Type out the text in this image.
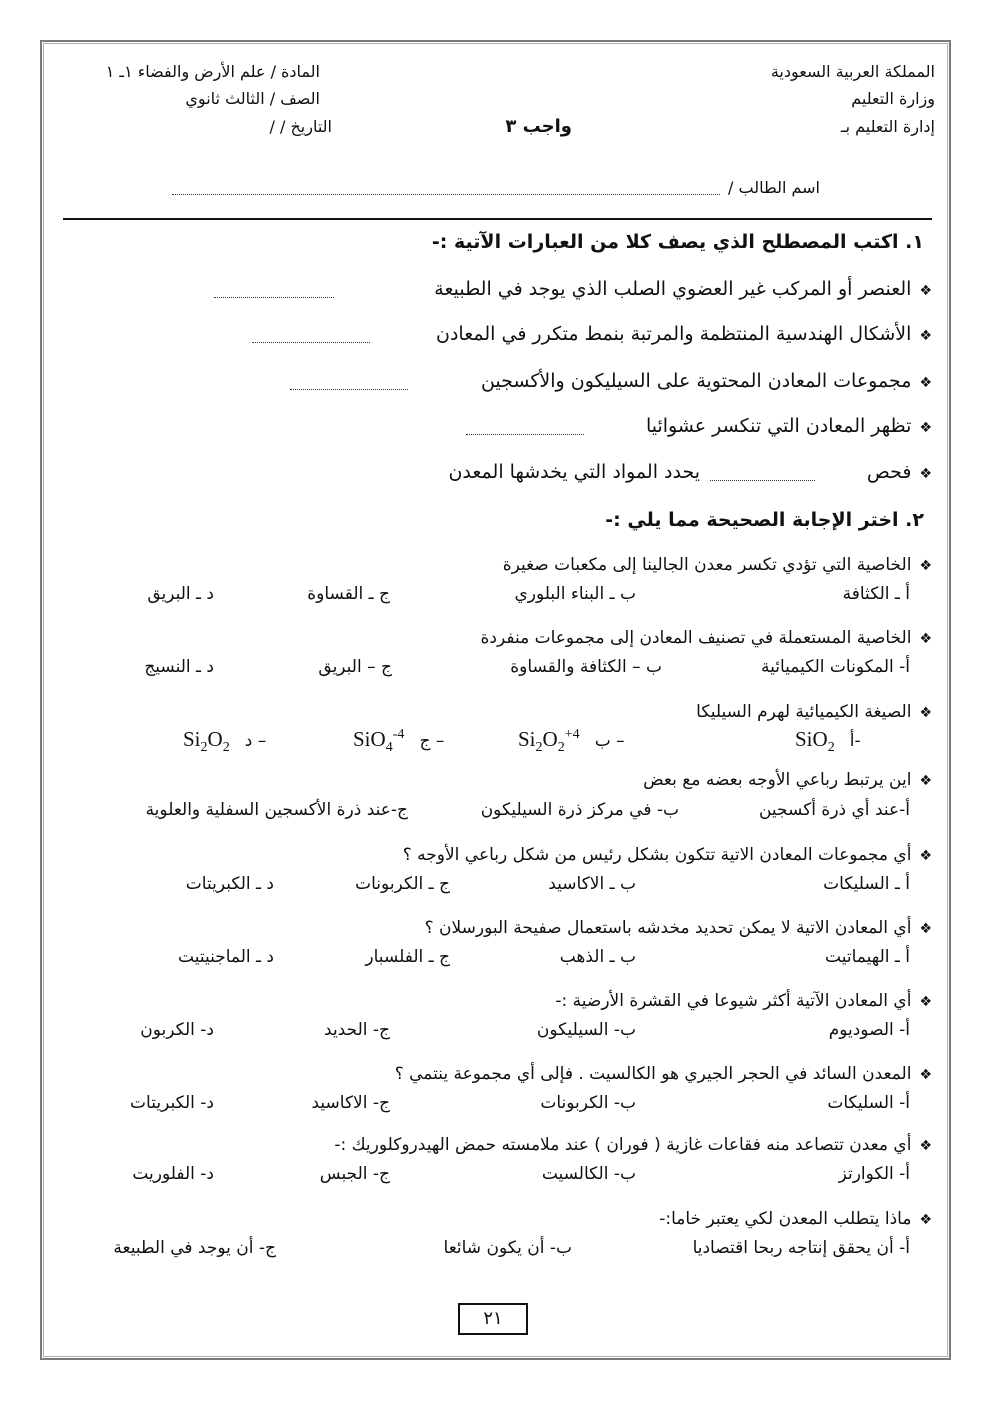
المملكة العربية السعودية
وزارة التعليم
إدارة التعليم بـ
المادة / علم الأرض والفضاء ١ـ ١
الصف / الثالث ثانوي
التاريخ / /	واجب ٣
اسم الطالب /
١. اكتب المصطلح الذي يصف كلا من العبارات الآتية :-
❖العنصر أو المركب غير العضوي الصلب الذي يوجد في الطبيعة
❖الأشكال الهندسية المنتظمة والمرتبة بنمط متكرر في المعادن
❖مجموعات المعادن المحتوية على السيليكون والأكسجين
❖تظهر المعادن التي تنكسر عشوائيا
❖فحص
يحدد المواد التي يخدشها المعدن
٢. اختر الإجابة الصحيحة مما يلي :-
❖الخاصية التي تؤدي تكسر معدن الجالينا إلى مكعبات صغيرة
أ ـ الكثافة
ب ـ البناء البلوري
ج ـ القساوة
د ـ البريق
❖الخاصية المستعملة في تصنيف المعادن إلى مجموعات منفردة
أ- المكونات الكيميائية
ب – الكثافة والقساوة
ج – البريق
د ـ النسيج
❖الصيغة الكيميائية لهرم السيليكا
SiO$_2$ أ-
$Si_2O_2^{+4}$ ب –
SiO$_4^{-4}$ ج –
$Si_2O_2$ د –
❖اين يرتبط رباعي الأوجه بعضه مع بعض
أ-عند أي ذرة أكسجين
ب- في مركز ذرة السيليكون
ج-عند ذرة الأكسجين السفلية والعلوية
❖أي مجموعات المعادن الاتية تتكون بشكل رئيس من شكل رباعي الأوجه ؟
أ ـ السليكات
ب ـ الاكاسيد
ج ـ الكربونات
د ـ الكبريتات
❖أي المعادن الاتية لا يمكن تحديد مخدشه باستعمال صفيحة البورسلان ؟
أ ـ الهيماتيت
ب ـ الذهب
ج ـ الفلسبار
د ـ الماجنيتيت
❖أي المعادن الآتية أكثر شيوعا في القشرة الأرضية :-
أ- الصوديوم
ب- السيليكون
ج- الحديد
د- الكربون
❖المعدن السائد في الحجر الجيري هو الكالسيت . فإلى أي مجموعة ينتمي ؟
أ- السليكات
ب- الكربونات
ج- الاكاسيد
د- الكبريتات
❖أي معدن تتصاعد منه فقاعات غازية ( فوران ) عند ملامسته حمض الهيدروكلوريك :-
أ- الكوارتز
ب- الكالسيت
ج- الجبس
د- الفلوريت
❖ماذا يتطلب المعدن لكي يعتبر خاما:-
أ- أن يحقق إنتاجه ربحا اقتصاديا
ب- أن يكون شائعا
ج- أن يوجد في الطبيعة
٢١
